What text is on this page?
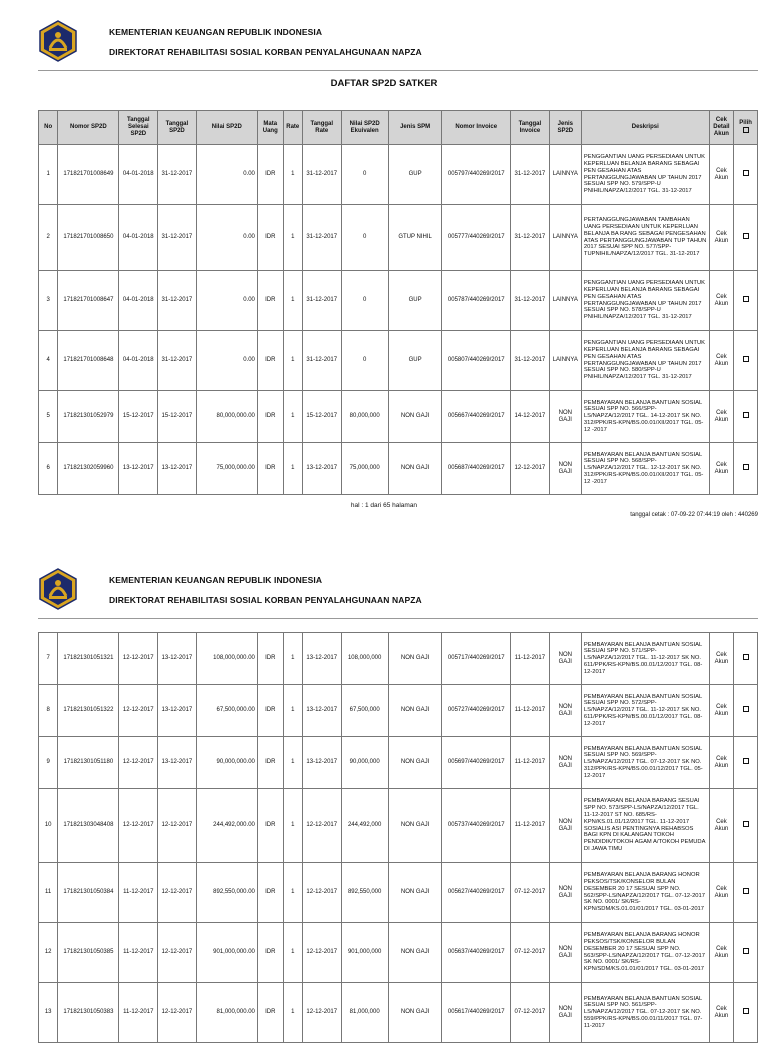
KEMENTERIAN KEUANGAN REPUBLIK INDONESIA
DIREKTORAT REHABILITASI SOSIAL KORBAN PENYALAHGUNAAN NAPZA
DAFTAR SP2D SATKER
No	Nomor SP2D	Tanggal Selesai SP2D	Tanggal SP2D	Nilai SP2D	Mata Uang	Rate	Tanggal Rate	Nilai SP2D Ekuivalen	Jenis SPM	Nomor Invoice	Tanggal Invoice	Jenis SP2D	Deskripsi	Cek Detail Akun	Pilih

1	171821701008649	04-01-2018	31-12-2017	0.00	IDR	1	31-12-2017	0	GUP	005797/440269/2017	31-12-2017	LAINNYA	PENGGANTIAN UANG PERSEDIAAN UNTUK KEPERLUAN BELANJA BARANG SEBAGAI PEN GESAHAN ATAS PERTANGGUNGJAWABAN UP TAHUN 2017 SESUAI SPP NO. 579/SPP-U PNIHIL/NAPZA/12/2017 TGL. 31-12-2017	Cek Akun	
2	171821701008650	04-01-2018	31-12-2017	0.00	IDR	1	31-12-2017	0	GTUP NIHIL	005777/440269/2017	31-12-2017	LAINNYA	PERTANGGUNGJAWABAN TAMBAHAN UANG PERSEDIAAN UNTUK KEPERLUAN BELANJA BA RANG SEBAGAI PENGESAHAN ATAS PERTANGGUNGJAWABAN TUP TAHUN 2017 SESUAI SPP NO. 577/SPP-TUPNIHIL/NAPZA/12/2017 TGL. 31-12-2017	Cek Akun	
3	171821701008647	04-01-2018	31-12-2017	0.00	IDR	1	31-12-2017	0	GUP	005787/440269/2017	31-12-2017	LAINNYA	PENGGANTIAN UANG PERSEDIAAN UNTUK KEPERLUAN BELANJA BARANG SEBAGAI PEN GESAHAN ATAS PERTANGGUNGJAWABAN UP TAHUN 2017 SESUAI SPP NO. 578/SPP-U PNIHIL/NAPZA/12/2017 TGL. 31-12-2017	Cek Akun	
4	171821701008648	04-01-2018	31-12-2017	0.00	IDR	1	31-12-2017	0	GUP	005807/440269/2017	31-12-2017	LAINNYA	PENGGANTIAN UANG PERSEDIAAN UNTUK KEPERLUAN BELANJA BARANG SEBAGAI PEN GESAHAN ATAS PERTANGGUNGJAWABAN UP TAHUN 2017 SESUAI SPP NO. 580/SPP-U PNIHIL/NAPZA/12/2017 TGL. 31-12-2017	Cek Akun	
5	171821301052979	15-12-2017	15-12-2017	80,000,000.00	IDR	1	15-12-2017	80,000,000	NON GAJI	005667/440269/2017	14-12-2017	NON GAJI	PEMBAYARAN BELANJA BANTUAN SOSIAL SESUAI SPP NO. 566/SPP-LS/NAPZA/12/2017 TGL. 14-12-2017 SK NO. 312/PPK/RS-KPN/BS.00.01/XII/2017 TGL. 05-12 -2017	Cek Akun	
6	171821302059960	13-12-2017	13-12-2017	75,000,000.00	IDR	1	13-12-2017	75,000,000	NON GAJI	005687/440269/2017	12-12-2017	NON GAJI	PEMBAYARAN BELANJA BANTUAN SOSIAL SESUAI SPP NO. 568/SPP-LS/NAPZA/12/2017 TGL. 12-12-2017 SK NO. 312/PPK/RS-KPN/BS.00.01/XII/2017 TGL. 05-12 -2017	Cek Akun	
hal : 1 dari 65 halaman
tanggal cetak : 07-09-22 07:44:19 oleh : 440269
KEMENTERIAN KEUANGAN REPUBLIK INDONESIA
DIREKTORAT REHABILITASI SOSIAL KORBAN PENYALAHGUNAAN NAPZA
7	171821301051321	12-12-2017	13-12-2017	108,000,000.00	IDR	1	13-12-2017	108,000,000	NON GAJI	005717/440269/2017	11-12-2017	NON GAJI	PEMBAYARAN BELANJA BANTUAN SOSIAL SESUAI SPP NO. 571/SPP-LS/NAPZA/12/2017 TGL. 11-12-2017 SK NO. 611/PPK/RS-KPN/BS.00.01/12/2017 TGL. 08-12-2017	Cek Akun	
8	171821301051322	12-12-2017	13-12-2017	67,500,000.00	IDR	1	13-12-2017	67,500,000	NON GAJI	005727/440269/2017	11-12-2017	NON GAJI	PEMBAYARAN BELANJA BANTUAN SOSIAL SESUAI SPP NO. 572/SPP-LS/NAPZA/12/2017 TGL. 11-12-2017 SK NO. 611/PPK/RS-KPN/BS.00.01/12/2017 TGL. 08-12-2017	Cek Akun	
9	171821301051180	12-12-2017	13-12-2017	90,000,000.00	IDR	1	13-12-2017	90,000,000	NON GAJI	005697/440269/2017	11-12-2017	NON GAJI	PEMBAYARAN BELANJA BANTUAN SOSIAL SESUAI SPP NO. 569/SPP-LS/NAPZA/12/2017 TGL. 07-12-2017 SK NO. 312/PPK/RS-KPN/BS.00.01/12/2017 TGL. 05-12-2017	Cek Akun	
10	171821303048408	12-12-2017	12-12-2017	244,492,000.00	IDR	1	12-12-2017	244,492,000	NON GAJI	005737/440269/2017	11-12-2017	NON GAJI	PEMBAYARAN BELANJA BARANG SESUAI SPP NO. 573/SPP-LS/NAPZA/12/2017 TGL. 11-12-2017 ST NO. 685/RS-KPN/KS.01.01/12/2017 TGL. 11-12-2017 SOSIALIS ASI PENTINGNYA REHABSOS BAGI KPN DI KALANGAN TOKOH PENDIDIK/TOKOH AGAM A/TOKOH PEMUDA DI JAWA TIMU	Cek Akun	
11	171821301050384	11-12-2017	12-12-2017	892,550,000.00	IDR	1	12-12-2017	892,550,000	NON GAJI	005627/440269/2017	07-12-2017	NON GAJI	PEMBAYARAN BELANJA BARANG HONOR PEKSOS/TSK/KONSELOR BULAN DESEMBER 20 17 SESUAI SPP NO. 562/SPP-LS/NAPZA/12/2017 TGL. 07-12-2017 SK NO. 0001/ SK/RS-KPN/SDM/KS.01.01/01/2017 TGL. 03-01-2017	Cek Akun	
12	171821301050385	11-12-2017	12-12-2017	901,000,000.00	IDR	1	12-12-2017	901,000,000	NON GAJI	005637/440269/2017	07-12-2017	NON GAJI	PEMBAYARAN BELANJA BARANG HONOR PEKSOS/TSK/KONSELOR BULAN DESEMBER 20 17 SESUAI SPP NO. 563/SPP-LS/NAPZA/12/2017 TGL. 07-12-2017 SK NO. 0001/ SK/RS-KPN/SDM/KS.01.01/01/2017 TGL. 03-01-2017	Cek Akun	
13	171821301050383	11-12-2017	12-12-2017	81,000,000.00	IDR	1	12-12-2017	81,000,000	NON GAJI	005617/440269/2017	07-12-2017	NON GAJI	PEMBAYARAN BELANJA BANTUAN SOSIAL SESUAI SPP NO. 561/SPP-LS/NAPZA/12/2017 TGL. 07-12-2017 SK NO. 559/PPK/RS-KPN/BS.00.01/11/2017 TGL. 07-11-2017	Cek Akun	
